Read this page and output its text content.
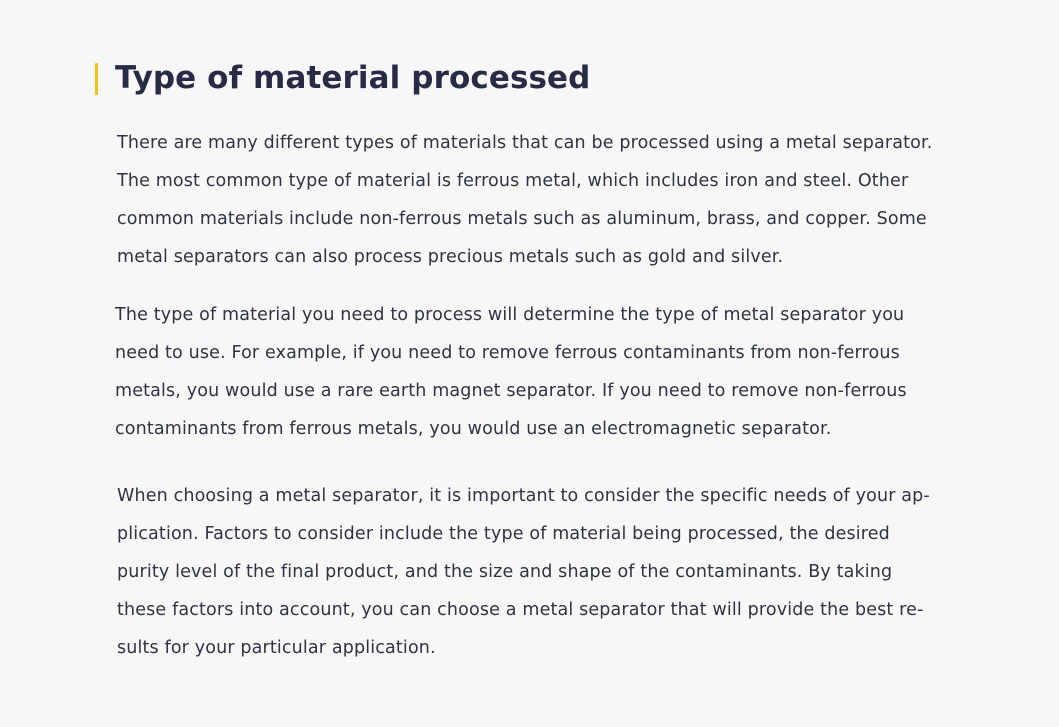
Type of material processed

There are many different types of materials that can be processed using a metal separator.
The most common type of material is ferrous metal, which includes iron and steel. Other
common materials include non-ferrous metals such as aluminum, brass, and copper. Some
metal separators can also process precious metals such as gold and silver.

The type of material you need to process will determine the type of metal separator you
need to use. For example, if you need to remove ferrous contaminants from non-ferrous
metals, you would use a rare earth magnet separator. If you need to remove non-ferrous
contaminants from ferrous metals, you would use an electromagnetic separator.

When choosing a metal separator, it is important to consider the specific needs of your ap-
plication. Factors to consider include the type of material being processed, the desired
purity level of the final product, and the size and shape of the contaminants. By taking
these factors into account, you can choose a metal separator that will provide the best re-
sults for your particular application.
